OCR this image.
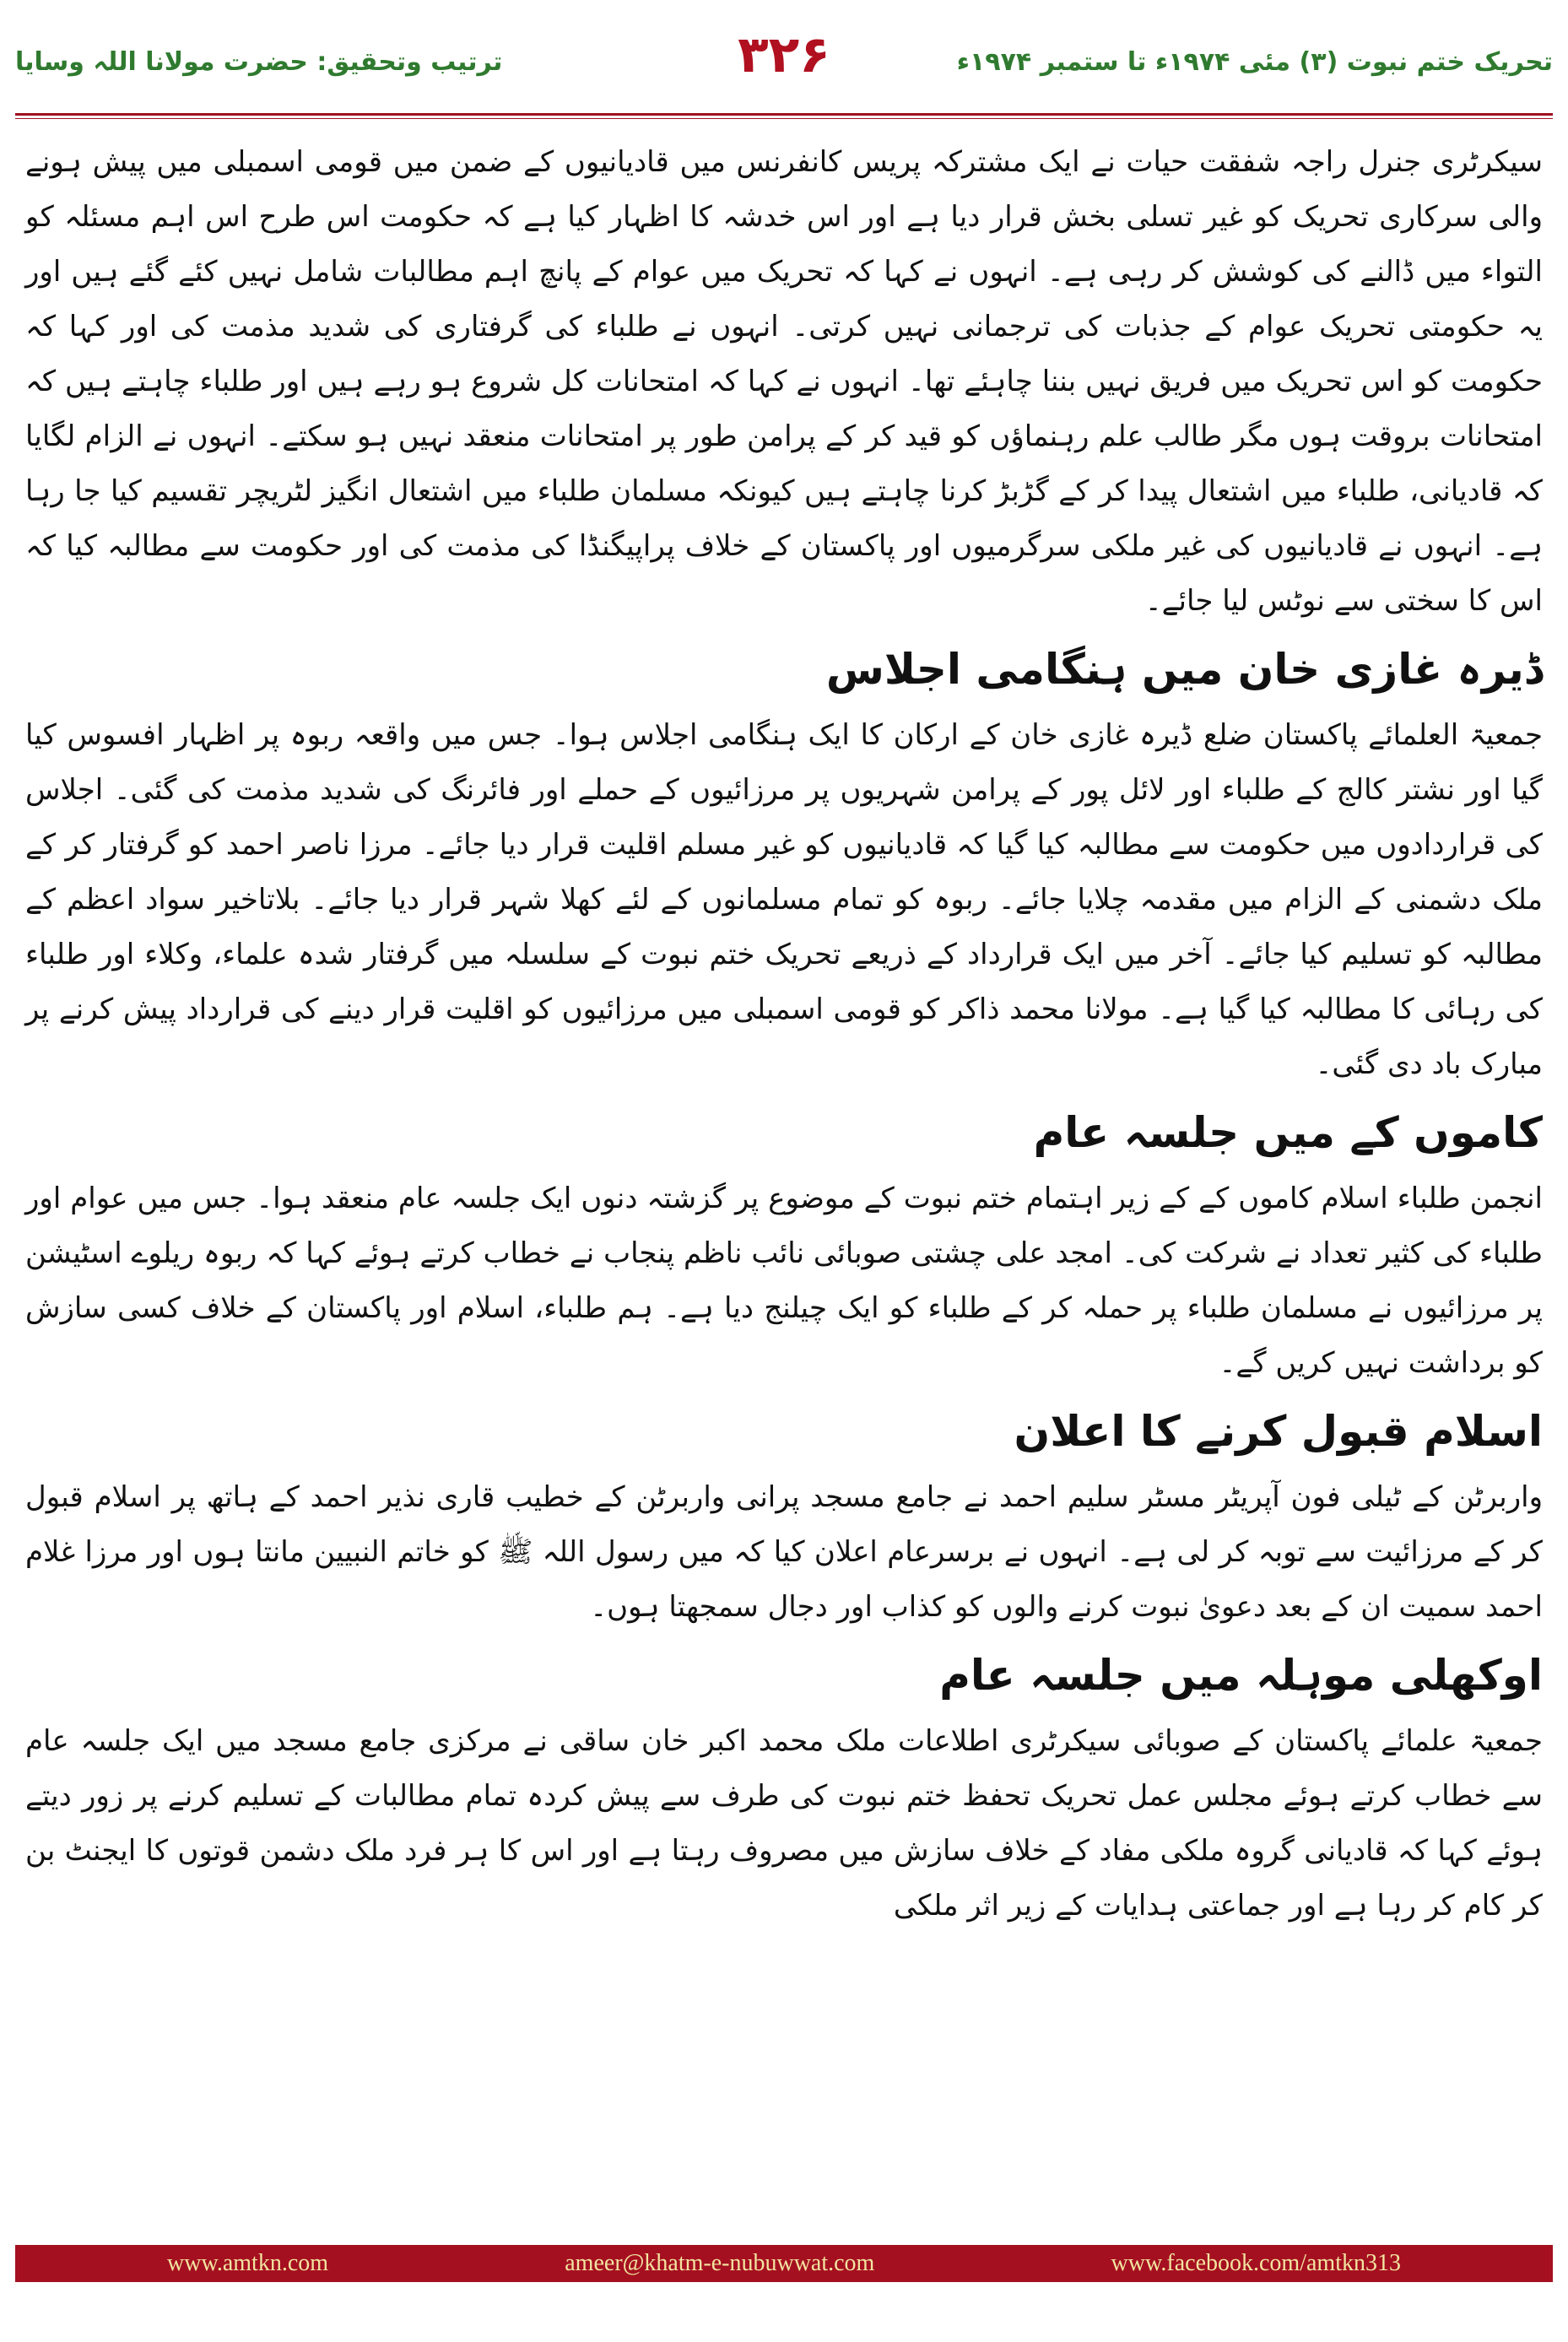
ترتیب وتحقیق: حضرت مولانا اللہ وسایا	۳۲۶	تحریک ختم نبوت (۳) مئی ۱۹۷۴ء تا ستمبر ۱۹۷۴ء

سیکرٹری جنرل راجہ شفقت حیات نے ایک مشترکہ پریس کانفرنس میں قادیانیوں کے ضمن میں قومی اسمبلی میں پیش ہونے والی سرکاری تحریک کو غیر تسلی بخش قرار دیا ہے اور اس خدشہ کا اظہار کیا ہے کہ حکومت اس طرح اس اہم مسئلہ کو التواء میں ڈالنے کی کوشش کر رہی ہے۔ انہوں نے کہا کہ تحریک میں عوام کے پانچ اہم مطالبات شامل نہیں کئے گئے ہیں اور یہ حکومتی تحریک عوام کے جذبات کی ترجمانی نہیں کرتی۔ انہوں نے طلباء کی گرفتاری کی شدید مذمت کی اور کہا کہ حکومت کو اس تحریک میں فریق نہیں بننا چاہئے تھا۔ انہوں نے کہا کہ امتحانات کل شروع ہو رہے ہیں اور طلباء چاہتے ہیں کہ امتحانات بروقت ہوں مگر طالب علم رہنماؤں کو قید کر کے پرامن طور پر امتحانات منعقد نہیں ہو سکتے۔ انہوں نے الزام لگایا کہ قادیانی، طلباء میں اشتعال پیدا کر کے گڑبڑ کرنا چاہتے ہیں کیونکہ مسلمان طلباء میں اشتعال انگیز لٹریچر تقسیم کیا جا رہا ہے۔ انہوں نے قادیانیوں کی غیر ملکی سرگرمیوں اور پاکستان کے خلاف پراپیگنڈا کی مذمت کی اور حکومت سے مطالبہ کیا کہ اس کا سختی سے نوٹس لیا جائے۔

ڈیرہ غازی خان میں ہنگامی اجلاس

جمعیۃ العلمائے پاکستان ضلع ڈیرہ غازی خان کے ارکان کا ایک ہنگامی اجلاس ہوا۔ جس میں واقعہ ربوہ پر اظہار افسوس کیا گیا اور نشتر کالج کے طلباء اور لائل پور کے پرامن شہریوں پر مرزائیوں کے حملے اور فائرنگ کی شدید مذمت کی گئی۔ اجلاس کی قراردادوں میں حکومت سے مطالبہ کیا گیا کہ قادیانیوں کو غیر مسلم اقلیت قرار دیا جائے۔ مرزا ناصر احمد کو گرفتار کر کے ملک دشمنی کے الزام میں مقدمہ چلایا جائے۔ ربوہ کو تمام مسلمانوں کے لئے کھلا شہر قرار دیا جائے۔ بلاتاخیر سواد اعظم کے مطالبہ کو تسلیم کیا جائے۔ آخر میں ایک قرارداد کے ذریعے تحریک ختم نبوت کے سلسلہ میں گرفتار شدہ علماء، وکلاء اور طلباء کی رہائی کا مطالبہ کیا گیا ہے۔ مولانا محمد ذاکر کو قومی اسمبلی میں مرزائیوں کو اقلیت قرار دینے کی قرارداد پیش کرنے پر مبارک باد دی گئی۔

کاموں کے میں جلسہ عام

انجمن طلباء اسلام کاموں کے کے زیر اہتمام ختم نبوت کے موضوع پر گزشتہ دنوں ایک جلسہ عام منعقد ہوا۔ جس میں عوام اور طلباء کی کثیر تعداد نے شرکت کی۔ امجد علی چشتی صوبائی نائب ناظم پنجاب نے خطاب کرتے ہوئے کہا کہ ربوہ ریلوے اسٹیشن پر مرزائیوں نے مسلمان طلباء پر حملہ کر کے طلباء کو ایک چیلنج دیا ہے۔ ہم طلباء، اسلام اور پاکستان کے خلاف کسی سازش کو برداشت نہیں کریں گے۔

اسلام قبول کرنے کا اعلان

واربرٹن کے ٹیلی فون آپریٹر مسٹر سلیم احمد نے جامع مسجد پرانی واربرٹن کے خطیب قاری نذیر احمد کے ہاتھ پر اسلام قبول کر کے مرزائیت سے توبہ کر لی ہے۔ انہوں نے برسرعام اعلان کیا کہ میں رسول اللہ ﷺ کو خاتم النبیین مانتا ہوں اور مرزا غلام احمد سمیت ان کے بعد دعویٰ نبوت کرنے والوں کو کذاب اور دجال سمجھتا ہوں۔

اوکھلی موہلہ میں جلسہ عام

جمعیۃ علمائے پاکستان کے صوبائی سیکرٹری اطلاعات ملک محمد اکبر خان ساقی نے مرکزی جامع مسجد میں ایک جلسہ عام سے خطاب کرتے ہوئے مجلس عمل تحریک تحفظ ختم نبوت کی طرف سے پیش کردہ تمام مطالبات کے تسلیم کرنے پر زور دیتے ہوئے کہا کہ قادیانی گروہ ملکی مفاد کے خلاف سازش میں مصروف رہتا ہے اور اس کا ہر فرد ملک دشمن قوتوں کا ایجنٹ بن کر کام کر رہا ہے اور جماعتی ہدایات کے زیر اثر ملکی

www.amtkn.com	ameer@khatm-e-nubuwwat.com	www.facebook.com/amtkn313
